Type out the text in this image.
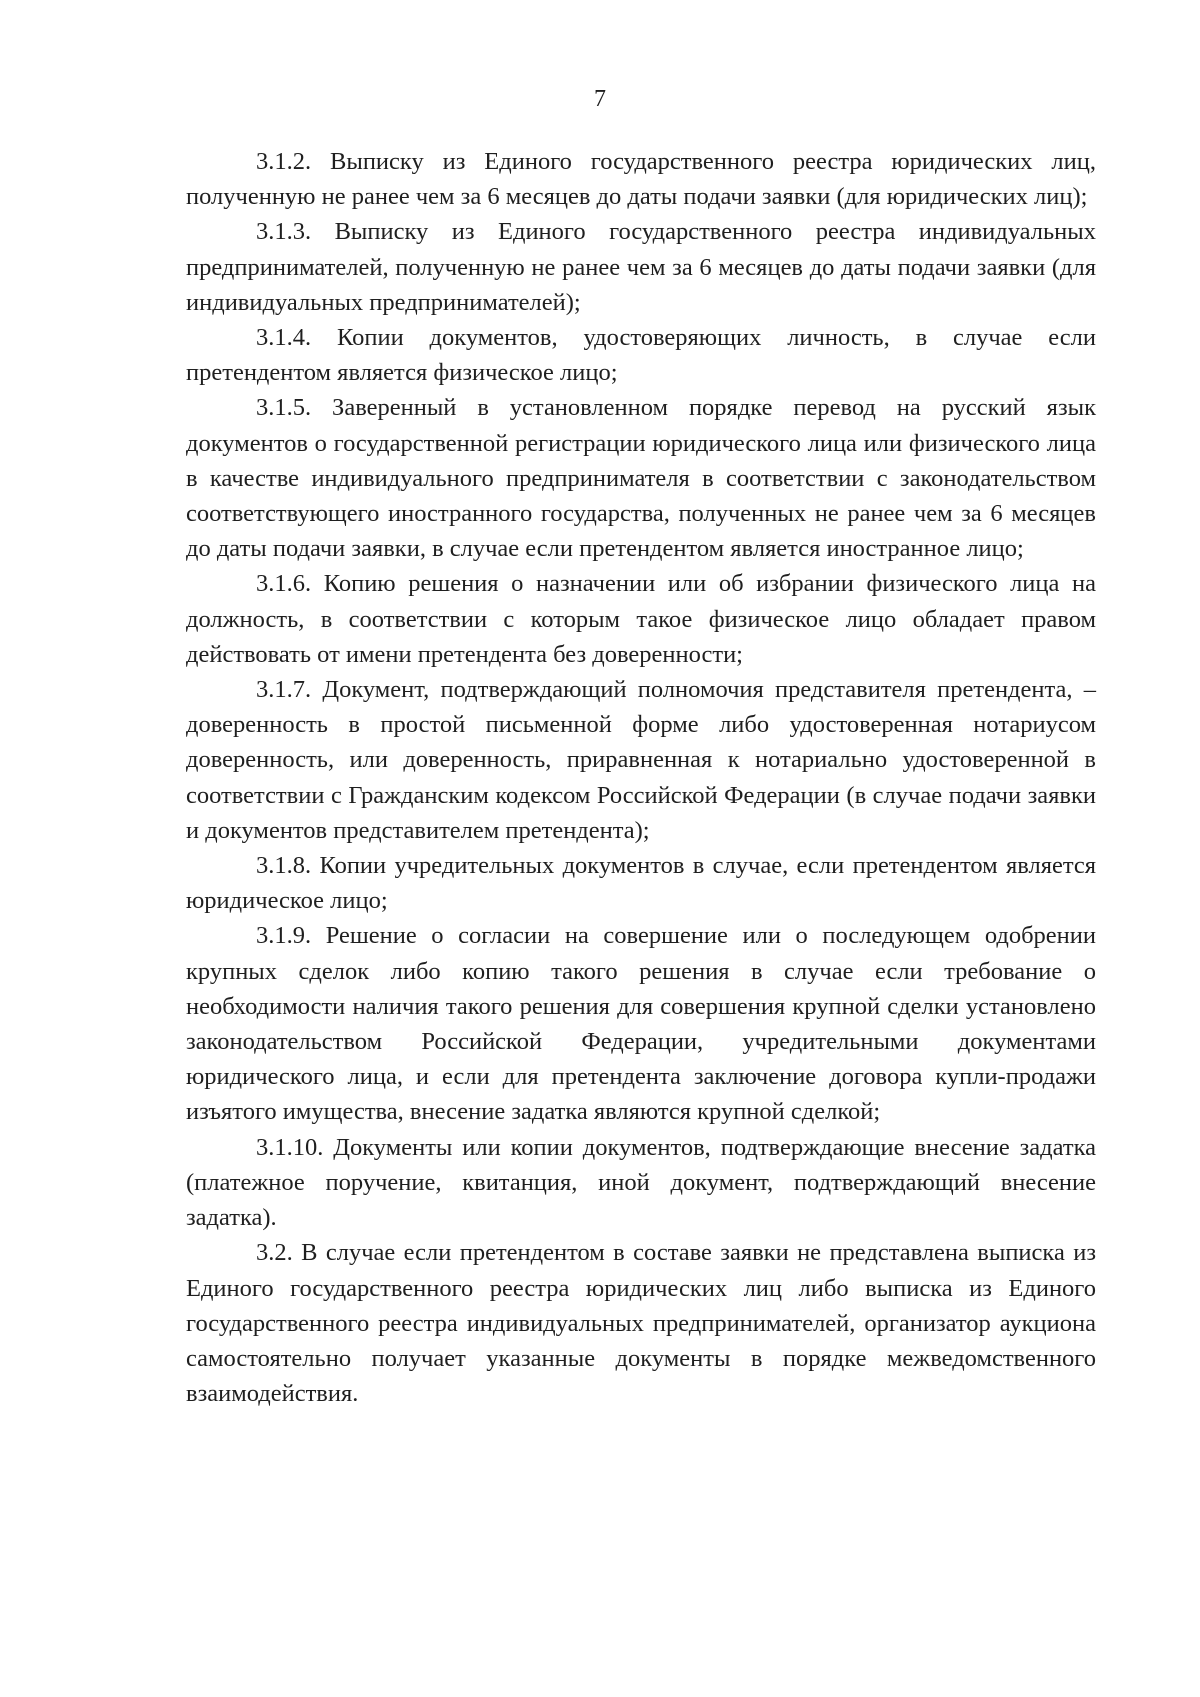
7

3.1.2. Выписку из Единого государственного реестра юридических лиц, полученную не ранее чем за 6 месяцев до даты подачи заявки (для юридических лиц);

3.1.3. Выписку из Единого государственного реестра индивидуальных предпринимателей, полученную не ранее чем за 6 месяцев до даты подачи заявки (для индивидуальных предпринимателей);

3.1.4. Копии документов, удостоверяющих личность, в случае если претендентом является физическое лицо;

3.1.5. Заверенный в установленном порядке перевод на русский язык документов о государственной регистрации юридического лица или физического лица в качестве индивидуального предпринимателя в соответствии с законодательством соответствующего иностранного государства, полученных не ранее чем за 6 месяцев до даты подачи заявки, в случае если претендентом является иностранное лицо;

3.1.6. Копию решения о назначении или об избрании физического лица на должность, в соответствии с которым такое физическое лицо обладает правом действовать от имени претендента без доверенности;

3.1.7. Документ, подтверждающий полномочия представителя претендента, – доверенность в простой письменной форме либо удостоверенная нотариусом доверенность, или доверенность, приравненная к нотариально удостоверенной в соответствии с Гражданским кодексом Российской Федерации (в случае подачи заявки и документов представителем претендента);

3.1.8. Копии учредительных документов в случае, если претендентом является юридическое лицо;

3.1.9. Решение о согласии на совершение или о последующем одобрении крупных сделок либо копию такого решения в случае если требование о необходимости наличия такого решения для совершения крупной сделки установлено законодательством Российской Федерации, учредительными документами юридического лица, и если для претендента заключение договора купли-продажи изъятого имущества, внесение задатка являются крупной сделкой;

3.1.10. Документы или копии документов, подтверждающие внесение задатка (платежное поручение, квитанция, иной документ, подтверждающий внесение задатка).

3.2. В случае если претендентом в составе заявки не представлена выписка из Единого государственного реестра юридических лиц либо выписка из Единого государственного реестра индивидуальных предпринимателей, организатор аукциона самостоятельно получает указанные документы в порядке межведомственного взаимодействия.
